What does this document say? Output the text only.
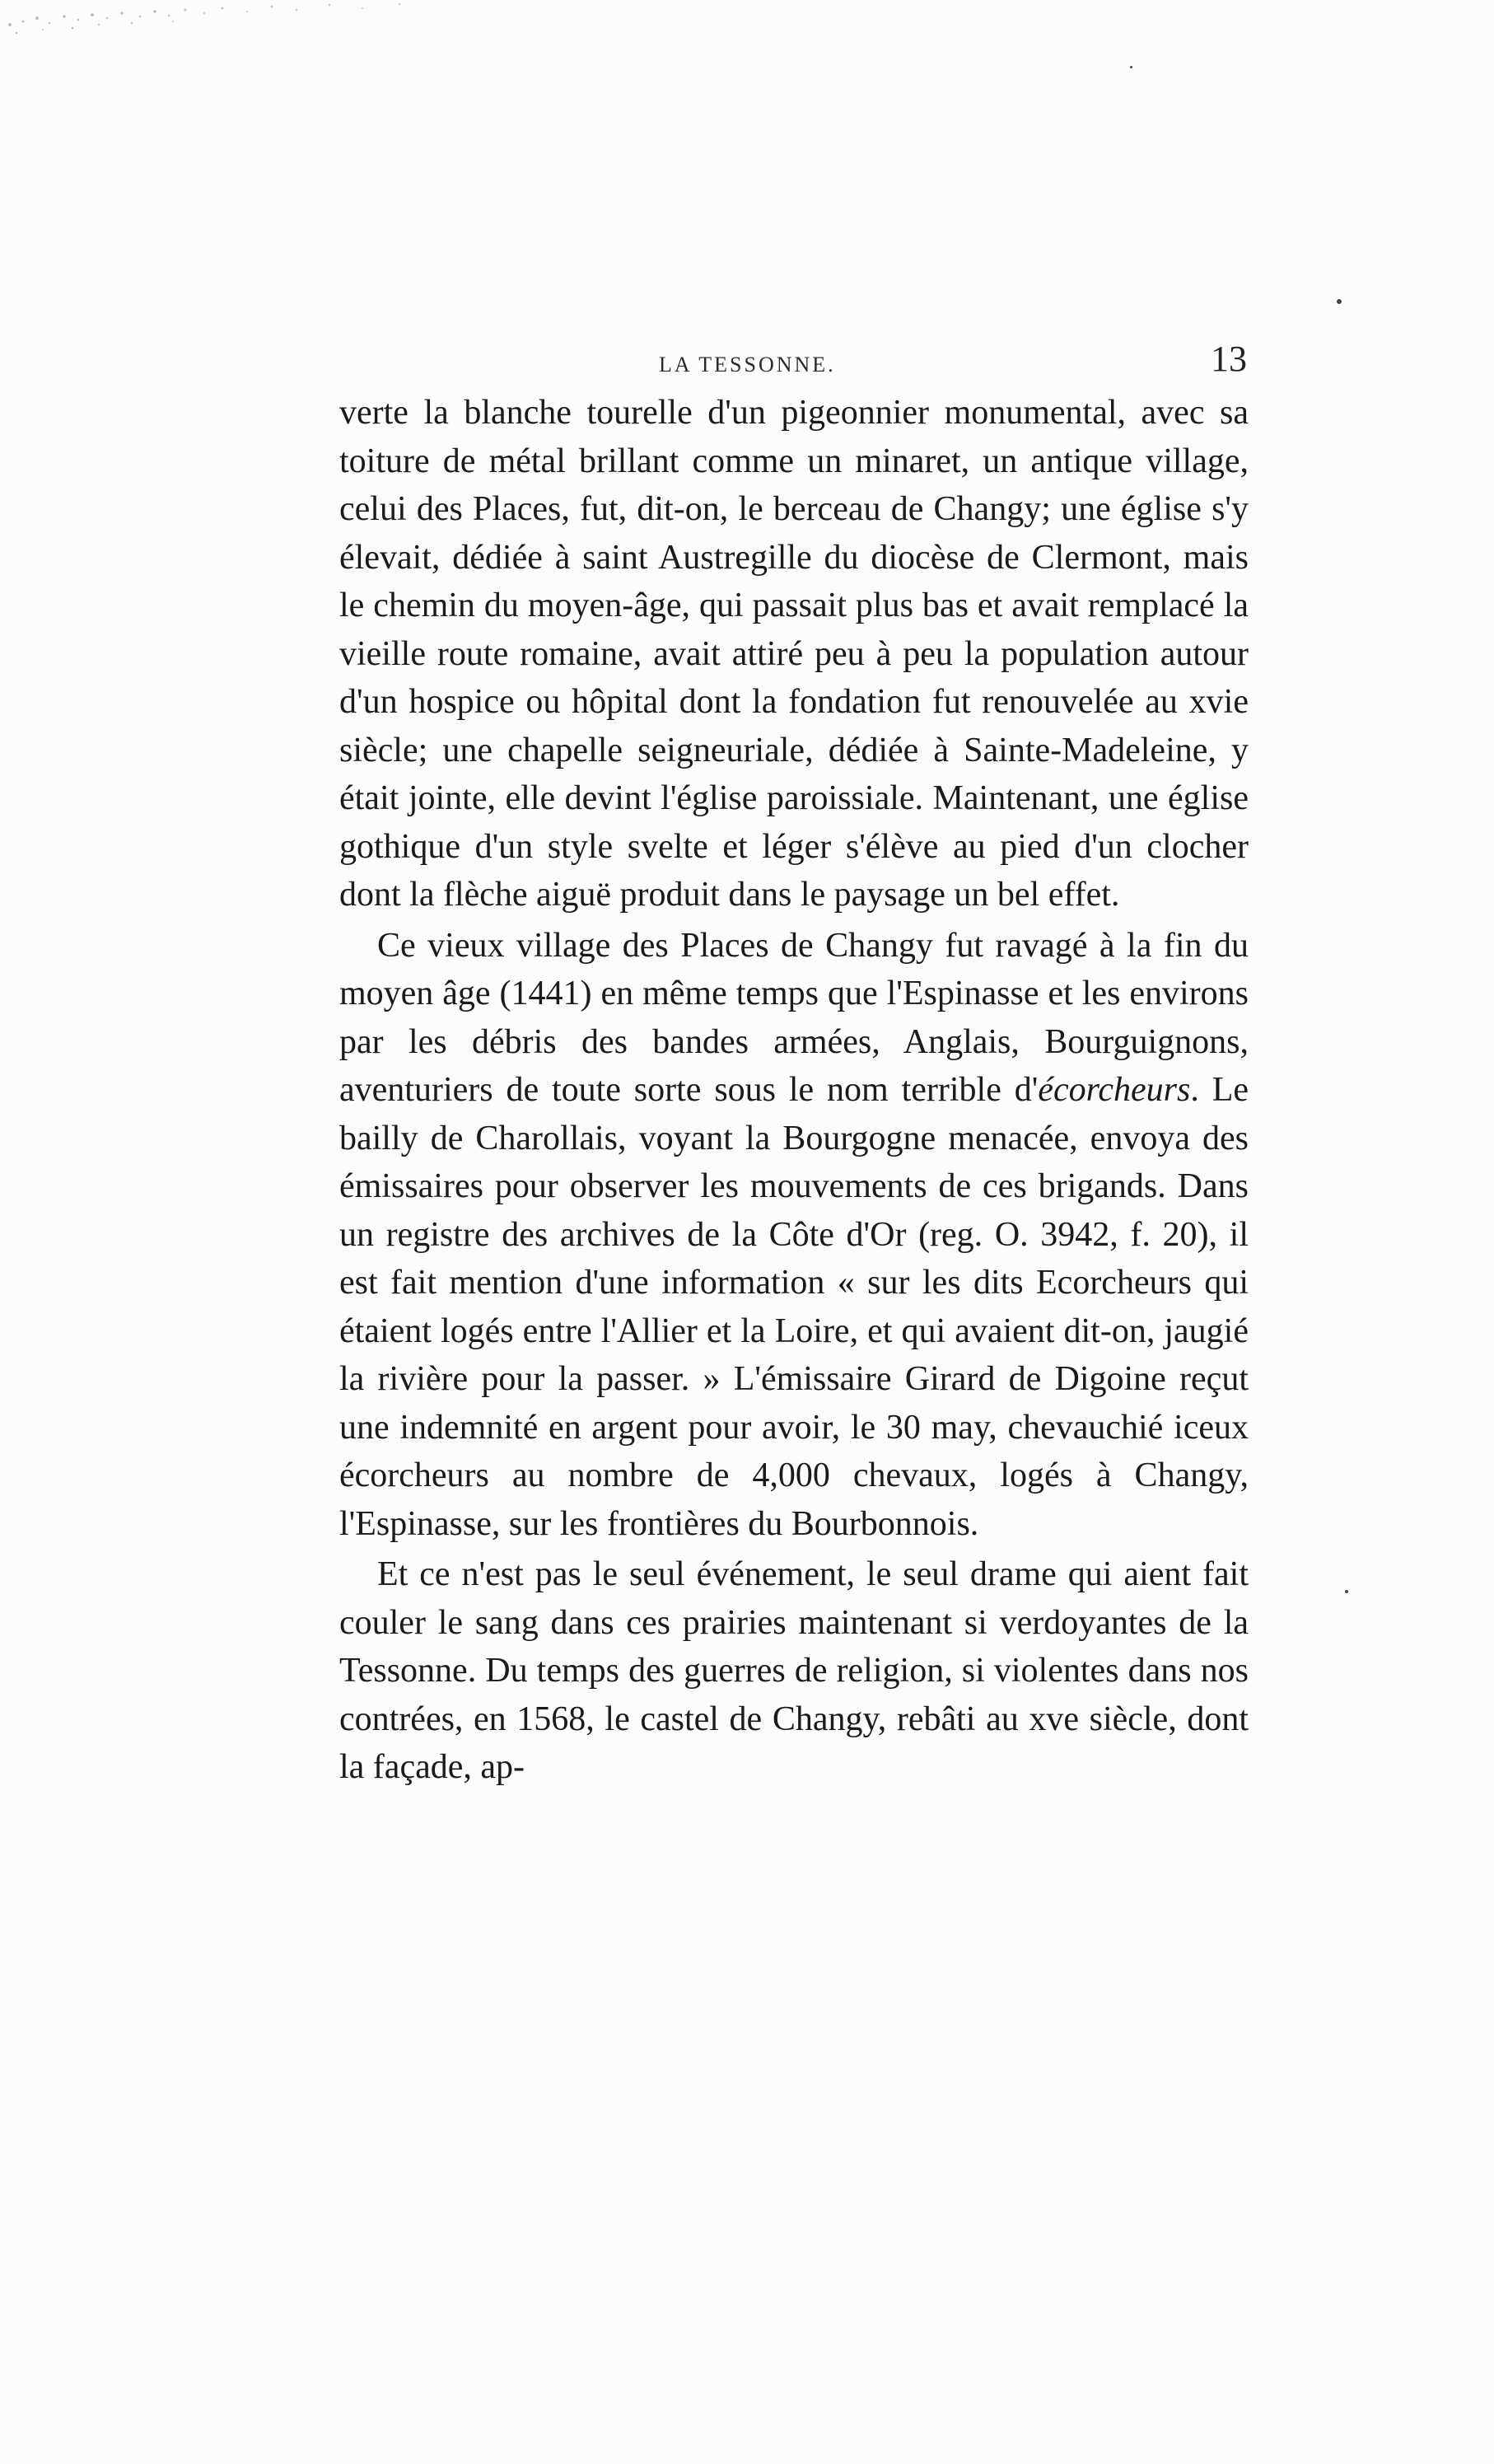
LA TESSONNE.	13

verte la blanche tourelle d'un pigeonnier monumental, avec sa toiture de métal brillant comme un minaret, un antique village, celui des Places, fut, dit-on, le berceau de Changy; une église s'y élevait, dédiée à saint Austregille du diocèse de Clermont, mais le chemin du moyen-âge, qui passait plus bas et avait remplacé la vieille route romaine, avait attiré peu à peu la population autour d'un hospice ou hôpital dont la fondation fut renouvelée au xvie siècle; une chapelle seigneuriale, dédiée à Sainte-Madeleine, y était jointe, elle devint l'église paroissiale. Maintenant, une église gothique d'un style svelte et léger s'élève au pied d'un clocher dont la flèche aiguë produit dans le paysage un bel effet.

Ce vieux village des Places de Changy fut ravagé à la fin du moyen âge (1441) en même temps que l'Espinasse et les environs par les débris des bandes armées, Anglais, Bourguignons, aventuriers de toute sorte sous le nom terrible d'écorcheurs. Le bailly de Charollais, voyant la Bourgogne menacée, envoya des émissaires pour observer les mouvements de ces brigands. Dans un registre des archives de la Côte d'Or (reg. O. 3942, f. 20), il est fait mention d'une information « sur les dits Ecorcheurs qui étaient logés entre l'Allier et la Loire, et qui avaient dit-on, jaugié la rivière pour la passer. » L'émissaire Girard de Digoine reçut une indemnité en argent pour avoir, le 30 may, chevauchié iceux écorcheurs au nombre de 4,000 chevaux, logés à Changy, l'Espinasse, sur les frontières du Bourbonnois.

Et ce n'est pas le seul événement, le seul drame qui aient fait couler le sang dans ces prairies maintenant si verdoyantes de la Tessonne. Du temps des guerres de religion, si violentes dans nos contrées, en 1568, le castel de Changy, rebâti au xve siècle, dont la façade, ap-
